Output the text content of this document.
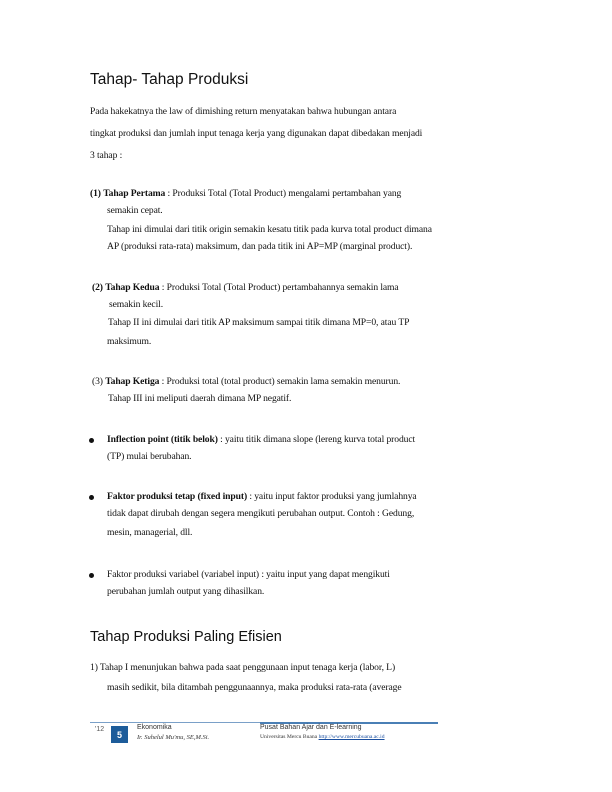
Tahap- Tahap Produksi
Pada hakekatnya the law of dimishing return menyatakan bahwa hubungan antara
tingkat produksi dan jumlah input tenaga kerja yang digunakan dapat dibedakan menjadi
3 tahap :
(1) Tahap Pertama : Produksi Total (Total Product) mengalami pertambahan yang
semakin cepat.
Tahap ini dimulai dari titik origin semakin kesatu titik pada kurva total product dimana
AP (produksi rata-rata) maksimum, dan pada titik ini AP=MP (marginal product).
(2) Tahap Kedua : Produksi Total (Total Product) pertambahannya semakin lama
semakin kecil.
Tahap II ini dimulai dari titik AP maksimum sampai titik dimana MP=0, atau TP
maksimum.
(3) Tahap Ketiga : Produksi total (total product) semakin lama semakin menurun.
Tahap III ini meliputi daerah dimana MP negatif.
Inflection point (titik belok) : yaitu titik dimana slope (lereng kurva total product
(TP) mulai berubahan.
Faktor produksi tetap (fixed input) : yaitu input faktor produksi yang jumlahnya
tidak dapat dirubah dengan segera mengikuti perubahan output. Contoh : Gedung,
mesin, managerial, dll.
Faktor produksi variabel (variabel input) : yaitu input yang dapat mengikuti
perubahan jumlah output yang dihasilkan.
Tahap Produksi Paling Efisien
1) Tahap I menunjukan bahwa pada saat penggunaan input tenaga kerja (labor, L)
masih sedikit, bila ditambah penggunaannya, maka produksi rata-rata (average
'12	5
Ekonomika
Ir. Suhelul Mu'mu, SE,M.Si.
Pusat Bahan Ajar dan E-learning
Universitas Mercu Buana http://www.mercubuana.ac.id
